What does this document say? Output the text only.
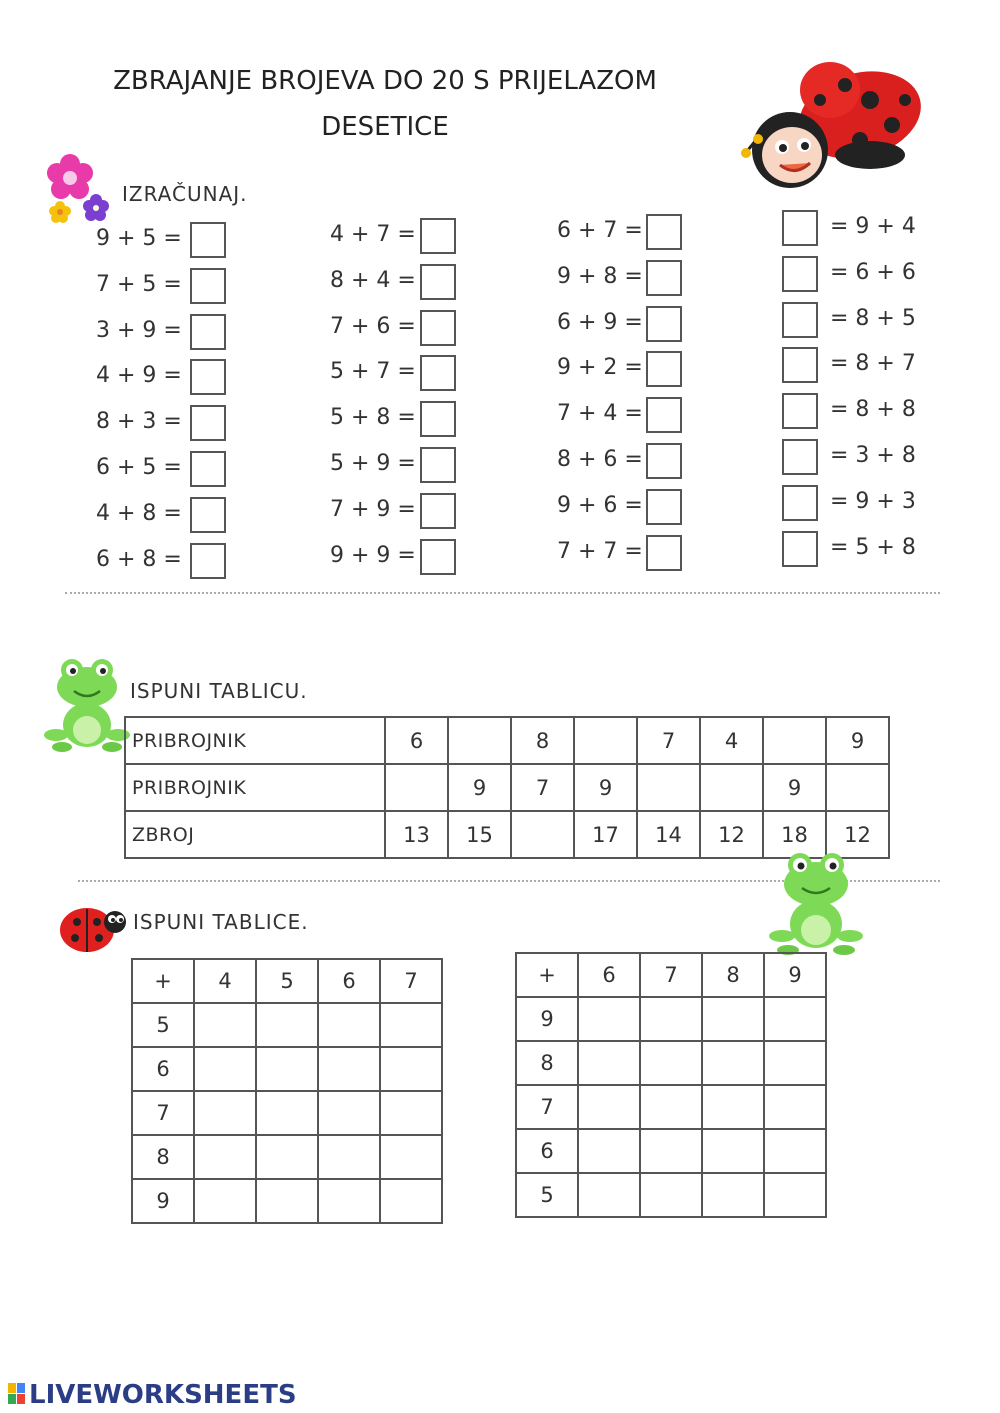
ZBRAJANJE BROJEVA DO 20 S PRIJELAZOM
DESETICE
IZRAČUNAJ.
9 + 5 =
7 + 5 =
3 + 9 =
4 + 9 =
8 + 3 =
6 + 5 =
4 + 8 =
6 + 8 =
4 + 7 =
8 + 4 =
7 + 6 =
5 + 7 =
5 + 8 =
5 + 9 =
7 + 9 =
9 + 9 =
6 + 7 =
9 + 8 =
6 + 9 =
9 + 2 =
7 + 4 =
8 + 6 =
9 + 6 =
7 + 7 =
= 9 + 4
= 6 + 6
= 8 + 5
= 8 + 7
= 8 + 8
= 3 + 8
= 9 + 3
= 5 + 8
ISPUNI TABLICU.
PRIBROJNIK	6		8		7	4		9
PRIBROJNIK		9	7	9			9	
ZBROJ	13	15		17	14	12	18	12
ISPUNI TABLICE.
+	4	5	6	7
5				
6				
7				
8				
9				
+	6	7	8	9
9				
8				
7				
6				
5				
LIVEWORKSHEETS
